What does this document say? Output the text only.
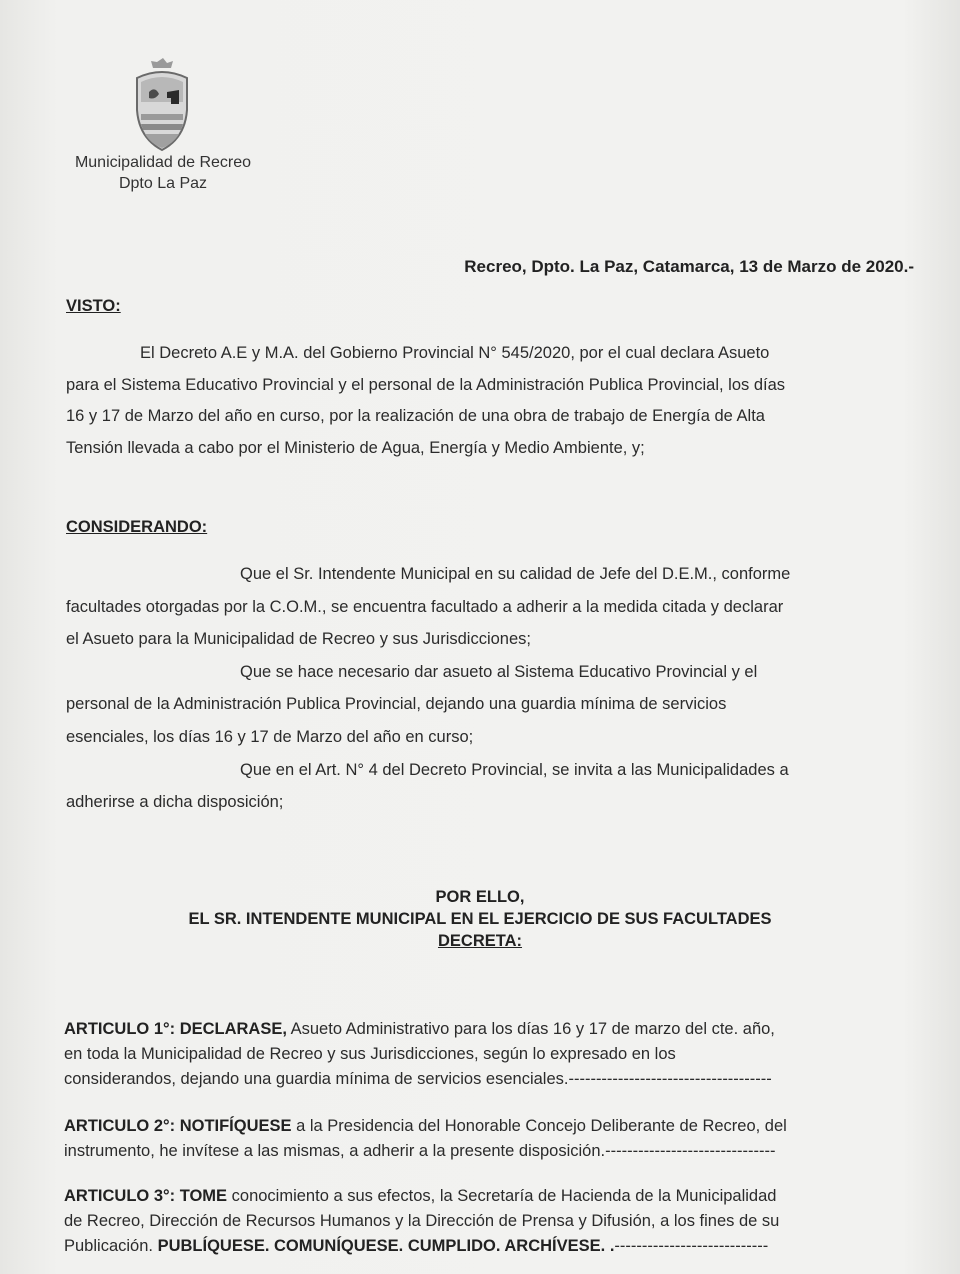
Municipalidad de Recreo
Dpto La Paz
Recreo, Dpto. La Paz, Catamarca, 13 de Marzo de 2020.-
VISTO:
El Decreto A.E y M.A. del Gobierno Provincial N° 545/2020, por el cual declara Asueto
para el Sistema Educativo Provincial y el personal de la Administración Publica Provincial, los días
16 y 17 de Marzo del año en curso, por la realización de una obra de trabajo de Energía de Alta
Tensión llevada a cabo por el Ministerio de Agua, Energía y Medio Ambiente, y;
CONSIDERANDO:
Que el Sr. Intendente Municipal en su calidad de Jefe del D.E.M., conforme
facultades otorgadas por la C.O.M., se encuentra facultado a adherir a la medida citada y declarar
el Asueto para la Municipalidad de Recreo y sus Jurisdicciones;
Que se hace necesario dar asueto al Sistema Educativo Provincial y el
personal de la Administración Publica Provincial, dejando una guardia mínima de servicios
esenciales, los días 16 y 17 de Marzo del año en curso;
Que en el Art. N° 4 del Decreto Provincial, se invita a las Municipalidades a
adherirse a dicha disposición;
POR ELLO,
EL SR. INTENDENTE MUNICIPAL EN EL EJERCICIO DE SUS FACULTADES
DECRETA:
ARTICULO 1°: DECLARASE, Asueto Administrativo para los días 16 y 17 de marzo del cte. año,
en toda la Municipalidad de Recreo y sus Jurisdicciones, según lo expresado en los
considerandos, dejando una guardia mínima de servicios esenciales.-------------------------------------
ARTICULO 2°: NOTIFÍQUESE a la Presidencia del Honorable Concejo Deliberante de Recreo, del
instrumento, he invítese a las mismas, a adherir a la presente disposición.-------------------------------
ARTICULO 3°: TOME conocimiento a sus efectos, la Secretaría de Hacienda de la Municipalidad
de Recreo, Dirección de Recursos Humanos y la Dirección de Prensa y Difusión, a los fines de su
Publicación. PUBLÍQUESE. COMUNÍQUESE. CUMPLIDO. ARCHÍVESE. .----------------------------
